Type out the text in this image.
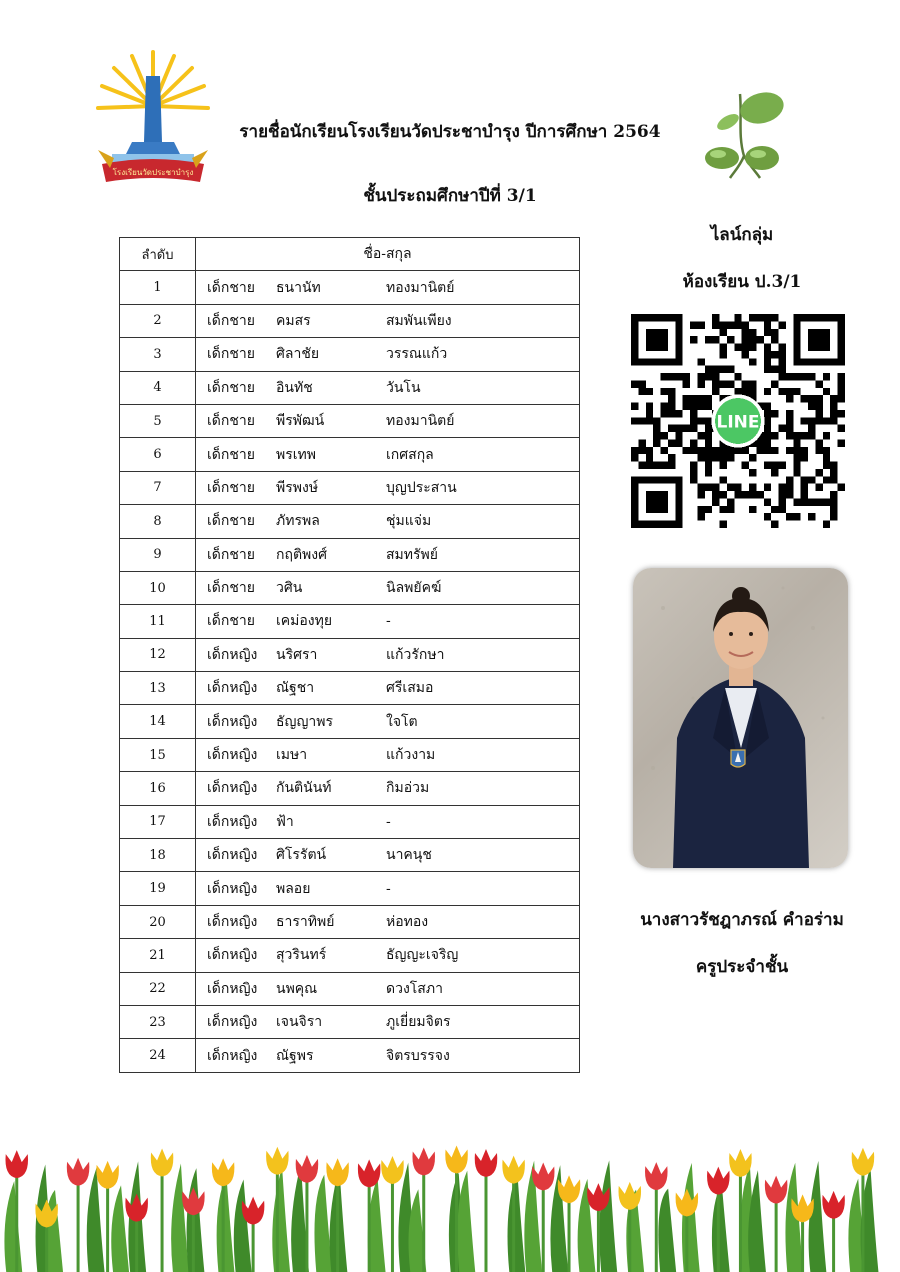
โรงเรียนวัดประชาบำรุง
รายชื่อนักเรียนโรงเรียนวัดประชาบำรุง ปีการศึกษา 2564
ชั้นประถมศึกษาปีที่ 3/1
ลำดับ	ชื่อ-สกุล
1	เด็กชาย ธนานัท ทองมานิตย์

2	เด็กชาย คมสร สมพันเพียง

3	เด็กชาย ศิลาชัย วรรณแก้ว

4	เด็กชาย อินทัช วันโน

5	เด็กชาย พีรพัฒน์ ทองมานิตย์

6	เด็กชาย พรเทพ เกศสกุล

7	เด็กชาย พีรพงษ์ บุญประสาน

8	เด็กชาย ภัทรพล ชุ่มแจ่ม

9	เด็กชาย กฤติพงศ์ สมทรัพย์

10	เด็กชาย วศิน นิลพยัคฆ์

11	เด็กชาย เคม่องทุย -

12	เด็กหญิง นริศรา แก้วรักษา

13	เด็กหญิง ณัฐชา ศรีเสมอ

14	เด็กหญิง ธัญญาพร ใจโต

15	เด็กหญิง เมษา แก้วงาม

16	เด็กหญิง กันตินันท์ กิมอ่วม

17	เด็กหญิง ฟ้า -

18	เด็กหญิง ศิโรรัตน์ นาคนุช

19	เด็กหญิง พลอย -

20	เด็กหญิง ธาราทิพย์ ห่อทอง

21	เด็กหญิง สุวรินทร์ ธัญญะเจริญ

22	เด็กหญิง นพคุณ ดวงโสภา

23	เด็กหญิง เจนจิรา ภูเยี่ยมจิตร

24	เด็กหญิง ณัฐพร จิตรบรรจง
ไลน์กลุ่ม
ห้องเรียน ป.3/1
LINE
นางสาวรัชฎาภรณ์ คำอร่าม
ครูประจำชั้น
